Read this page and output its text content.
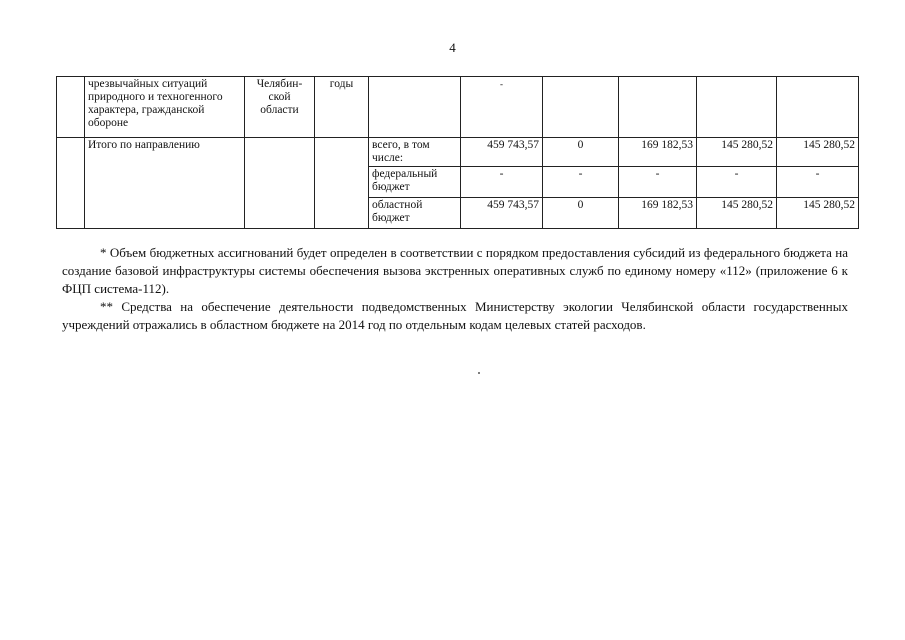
4
	чрезвычайных ситуаций природного и техногенного характера, гражданской обороне	Челябин-ской области	годы		-				
	Итого по направлению			всего, в том числе:	459 743,57	0	169 182,53	145 280,52	145 280,52
				федеральный бюджет	-	-	-	-	-
				областной бюджет	459 743,57	0	169 182,53	145 280,52	145 280,52

* Объем бюджетных ассигнований будет определен в соответствии с порядком предоставления субсидий из федерального бюджета на создание базовой инфраструктуры системы обеспечения вызова экстренных оперативных служб по единому номеру «112» (приложение 6 к ФЦП система-112).

** Средства на обеспечение деятельности подведомственных Министерству экологии Челябинской области государственных учреждений отражались в областном бюджете на 2014 год по отдельным кодам целевых статей расходов.
